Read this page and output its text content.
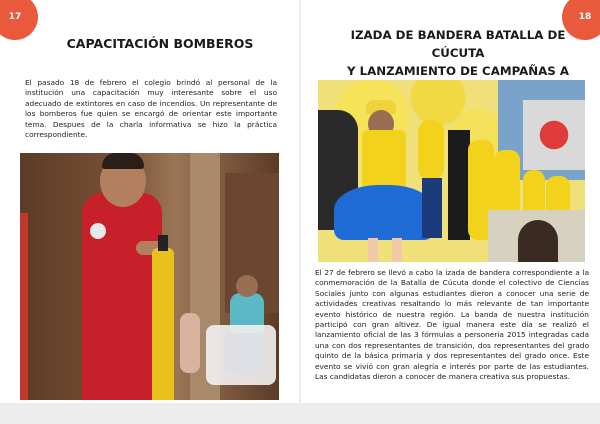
17
CAPACITACIÓN BOMBEROS
El pasado 18 de febrero el colegio brindó al personal de la institución una capacitación muy interesante sobre el uso adecuado de extintores en caso de incendios. Un representante de los bomberos fue quien se encargó de orientar este importante tema. Despues de la charla informativa se hizo la práctica correspondiente.
18
IZADA DE BANDERA BATALLA DE CÚCUTA
Y LANZAMIENTO DE CAMPAÑAS A
El 27 de febrero se llevó a cabo la izada de bandera correspondiente a la conmemoración de la Batalla de Cúcuta donde el colectivo de Ciencias Sociales junto con algunas estudiantes dieron a conocer una serie de actividades creativas resaltando lo más relevante de tan importante evento histórico de nuestra región. La banda de nuestra institución participó con gran altivez. De igual manera este día se realizó el lanzamiento oficial de las 3 fórmulas a personería 2015 integradas cada una con dos representantes de transición, dos representantes del grado quinto de la básica primaria y dos representantes del grado once. Este evento se vivió con gran alegría e interés por parte de las estudiantes. Las candidatas dieron a conocer de manera creativa sus propuestas.
